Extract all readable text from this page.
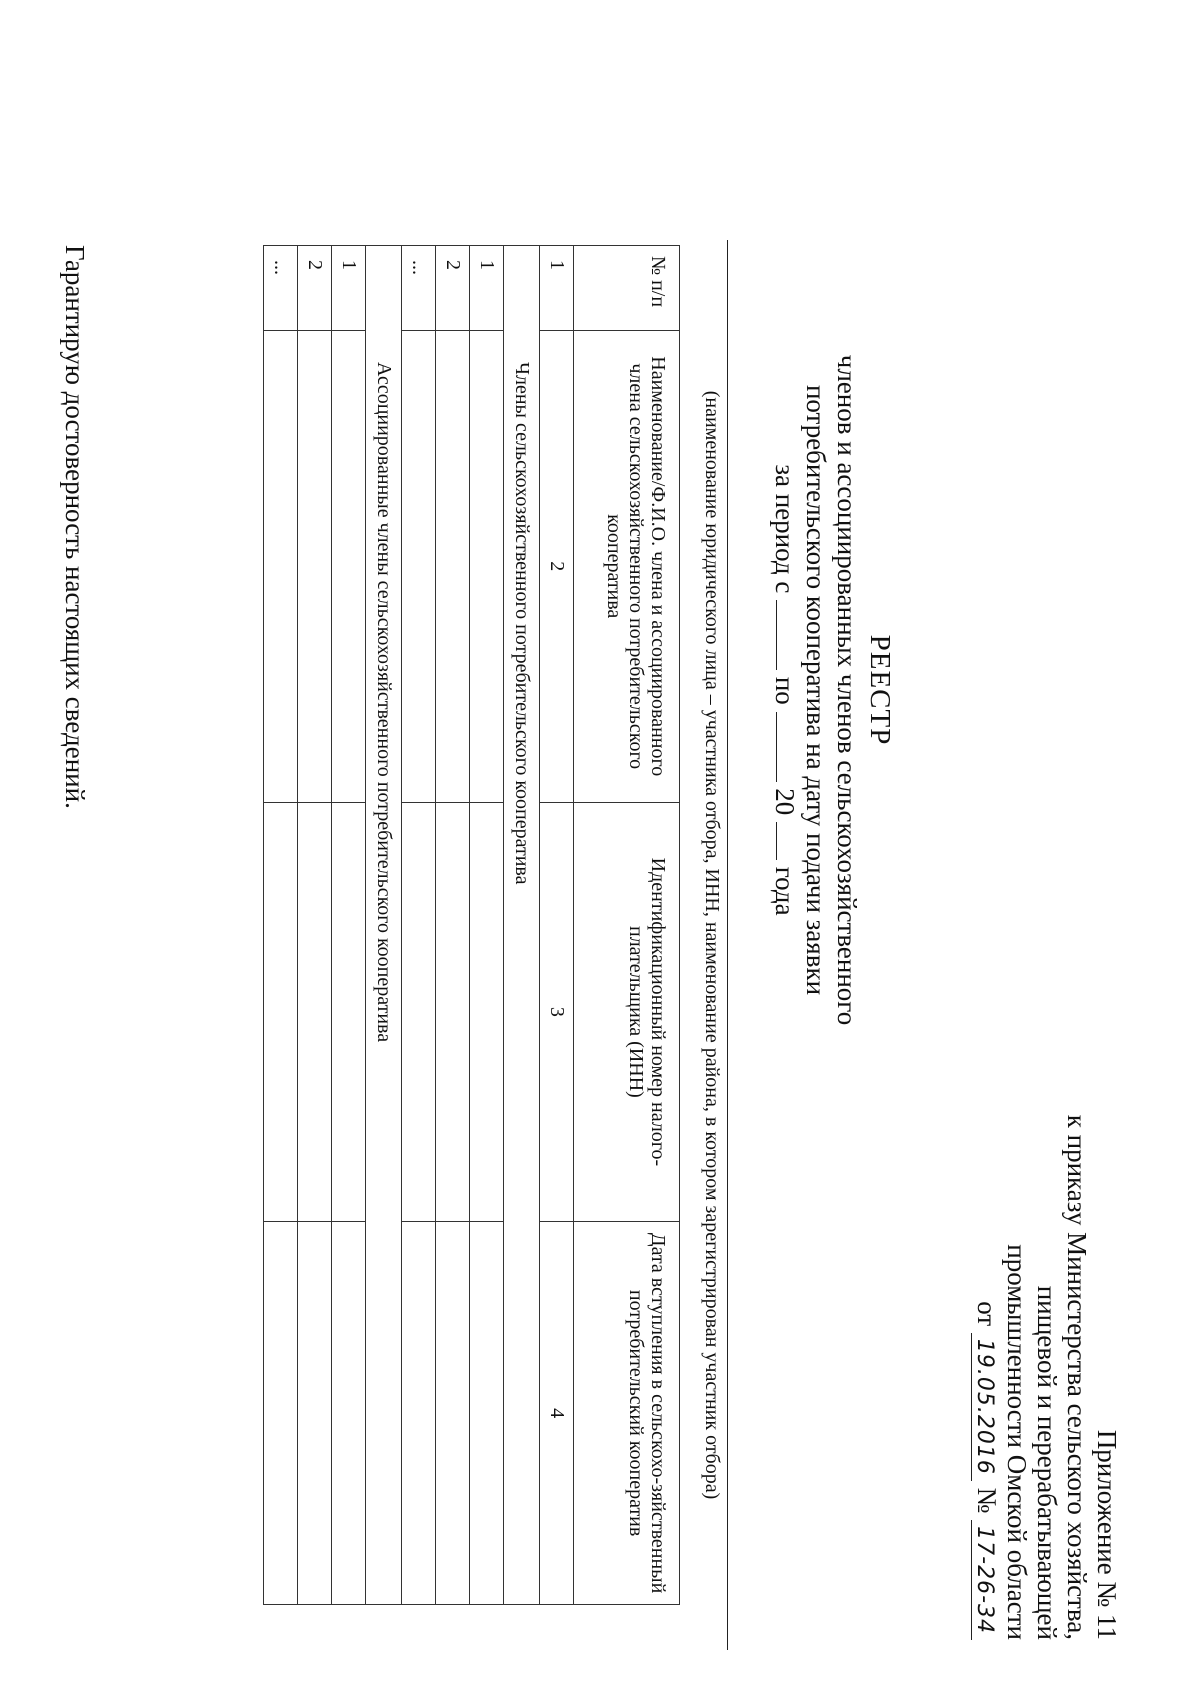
Приложение № 11
к приказу Министерства сельского хозяйства,
пищевой и перерабатывающей
промышленности Омской области
от 19.05.2016 № 17-26-34
РЕЕСТР
членов и ассоциированных членов сельскохозяйственного
потребительского кооператива на дату подачи заявки
за период с  по  20  года
(наименование юридического лица – участника отбора, ИНН, наименование района, в котором зарегистрирован участник отбора)
№ п/п	Наименование/Ф.И.О. члена и ассоциированного члена сельскохозяйственного потребительского кооператива	Идентификационный номер налого-плательщика (ИНН)	Дата вступления в сельскохо-зяйственный потребительский кооператив
1	2	3	4
Члены сельскохозяйственного потребительского кооператива			
1			
2			
...			
Ассоциированные члены сельскохозяйственного потребительского кооператива			
1			
2			
...			
Гарантирую достоверность настоящих сведений.
